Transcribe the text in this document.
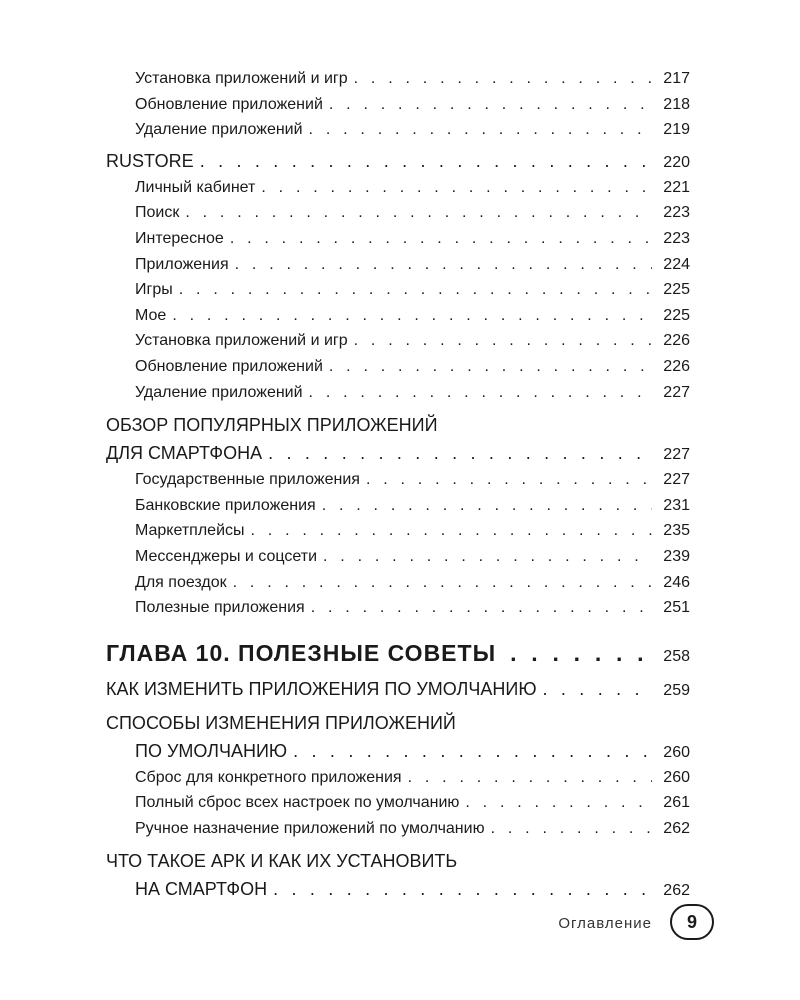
Установка приложений и игр . . .	217
Обновление приложений . . .	218
Удаление приложений . . .	219
RUSTORE . . .	220
Личный кабинет . . .	221
Поиск . . .	223
Интересное . . .	223
Приложения . . .	224
Игры . . .	225
Мое . . .	225
Установка приложений и игр . . .	226
Обновление приложений . . .	226
Удаление приложений . . .	227
ОБЗОР ПОПУЛЯРНЫХ ПРИЛОЖЕНИЙ
ДЛЯ СМАРТФОНА . . .	227
Государственные приложения . . .	227
Банковские приложения . . .	231
Маркетплейсы . . .	235
Мессенджеры и соцсети . . .	239
Для поездок . . .	246
Полезные приложения . . .	251
ГЛАВА 10. ПОЛЕЗНЫЕ СОВЕТЫ . . .	258
КАК ИЗМЕНИТЬ ПРИЛОЖЕНИЯ ПО УМОЛЧАНИЮ . . .	259
СПОСОБЫ ИЗМЕНЕНИЯ ПРИЛОЖЕНИЙ
ПО УМОЛЧАНИЮ . . .	260
Сброс для конкретного приложения . . .	260
Полный сброс всех настроек по умолчанию . . .	261
Ручное назначение приложений по умолчанию . . .	262
ЧТО ТАКОЕ АРК И КАК ИХ УСТАНОВИТЬ
НА СМАРТФОН . . .	262
Оглавление	9
